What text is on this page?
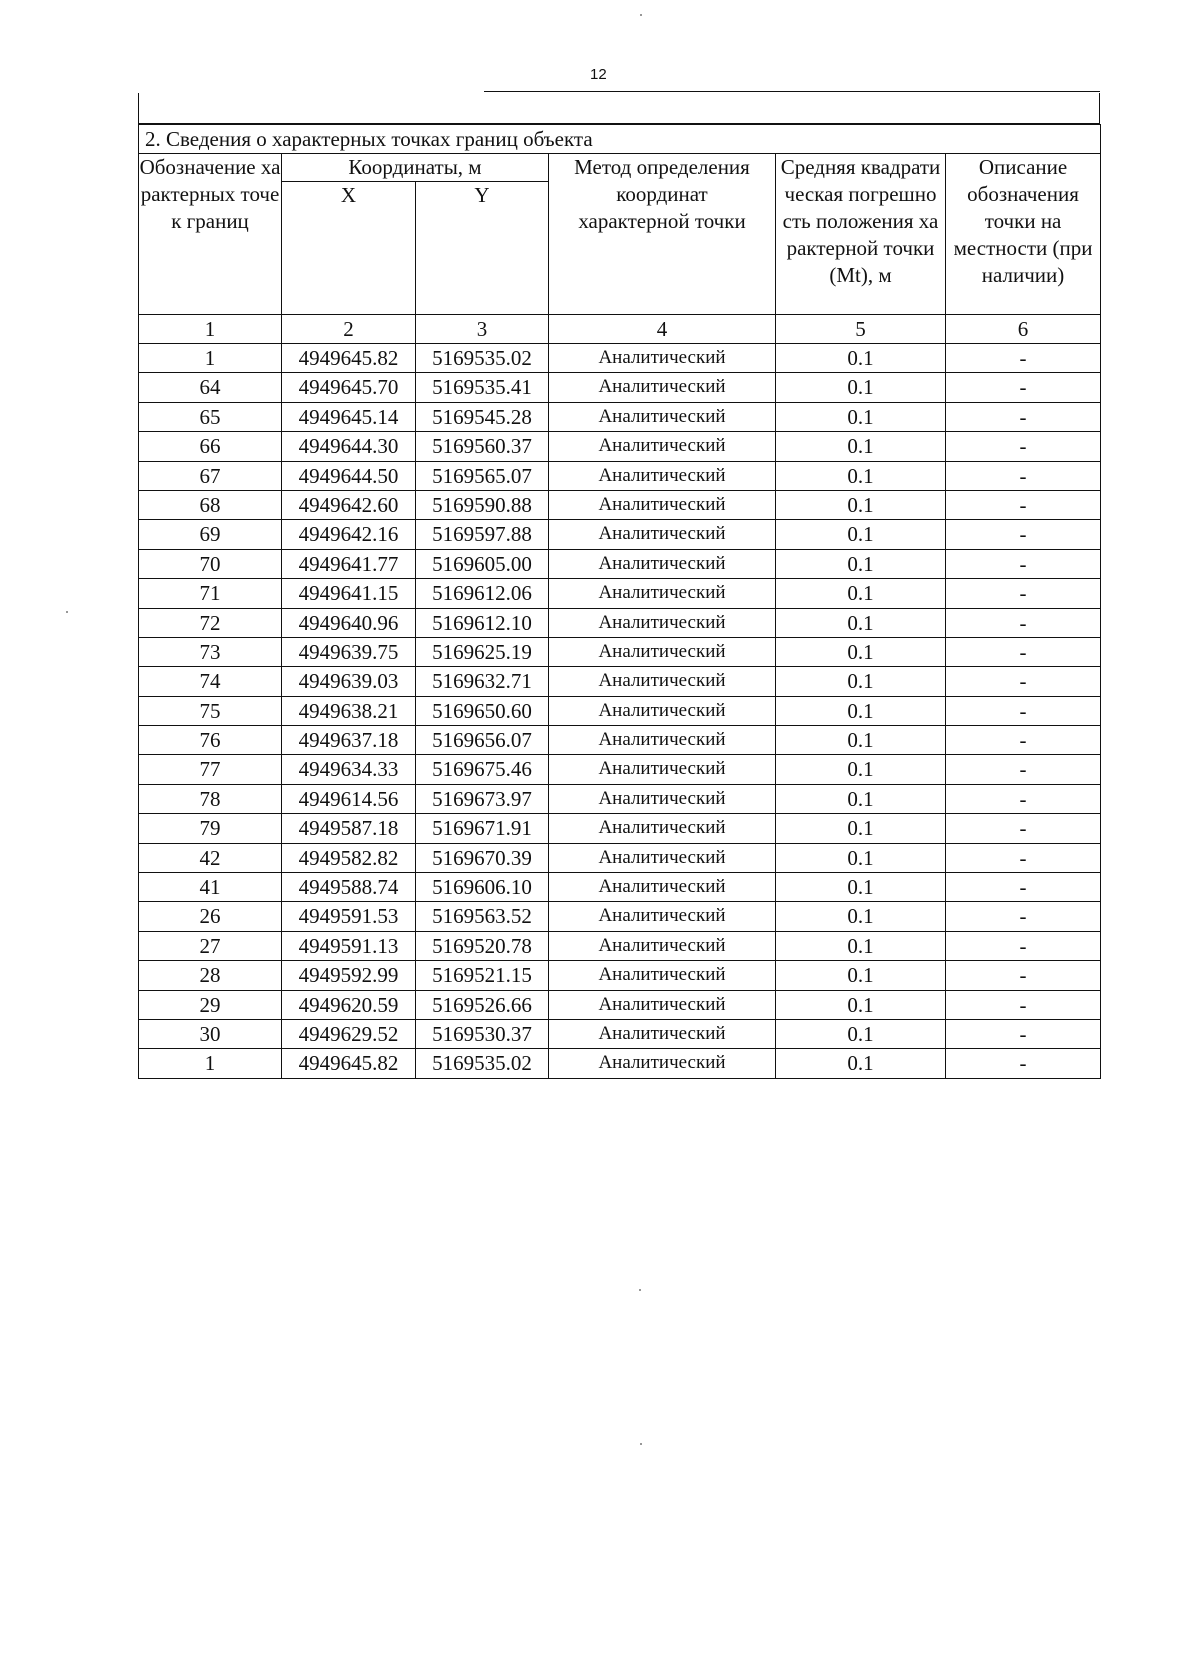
12
2. Сведения о характерных точках границ объекта					
Обозначение характерных точек границ	Координаты, м		Метод определения координат характерной точки	Средняя квадратическая погрешность положения характерной точки (Mt), м	Описание обозначения точки на местности (при наличии)
	X	Y			
1	2	3	4	5	6
1	4949645.82	5169535.02	Аналитический	0.1	-
64	4949645.70	5169535.41	Аналитический	0.1	-
65	4949645.14	5169545.28	Аналитический	0.1	-
66	4949644.30	5169560.37	Аналитический	0.1	-
67	4949644.50	5169565.07	Аналитический	0.1	-
68	4949642.60	5169590.88	Аналитический	0.1	-
69	4949642.16	5169597.88	Аналитический	0.1	-
70	4949641.77	5169605.00	Аналитический	0.1	-
71	4949641.15	5169612.06	Аналитический	0.1	-
72	4949640.96	5169612.10	Аналитический	0.1	-
73	4949639.75	5169625.19	Аналитический	0.1	-
74	4949639.03	5169632.71	Аналитический	0.1	-
75	4949638.21	5169650.60	Аналитический	0.1	-
76	4949637.18	5169656.07	Аналитический	0.1	-
77	4949634.33	5169675.46	Аналитический	0.1	-
78	4949614.56	5169673.97	Аналитический	0.1	-
79	4949587.18	5169671.91	Аналитический	0.1	-
42	4949582.82	5169670.39	Аналитический	0.1	-
41	4949588.74	5169606.10	Аналитический	0.1	-
26	4949591.53	5169563.52	Аналитический	0.1	-
27	4949591.13	5169520.78	Аналитический	0.1	-
28	4949592.99	5169521.15	Аналитический	0.1	-
29	4949620.59	5169526.66	Аналитический	0.1	-
30	4949629.52	5169530.37	Аналитический	0.1	-
1	4949645.82	5169535.02	Аналитический	0.1	-
